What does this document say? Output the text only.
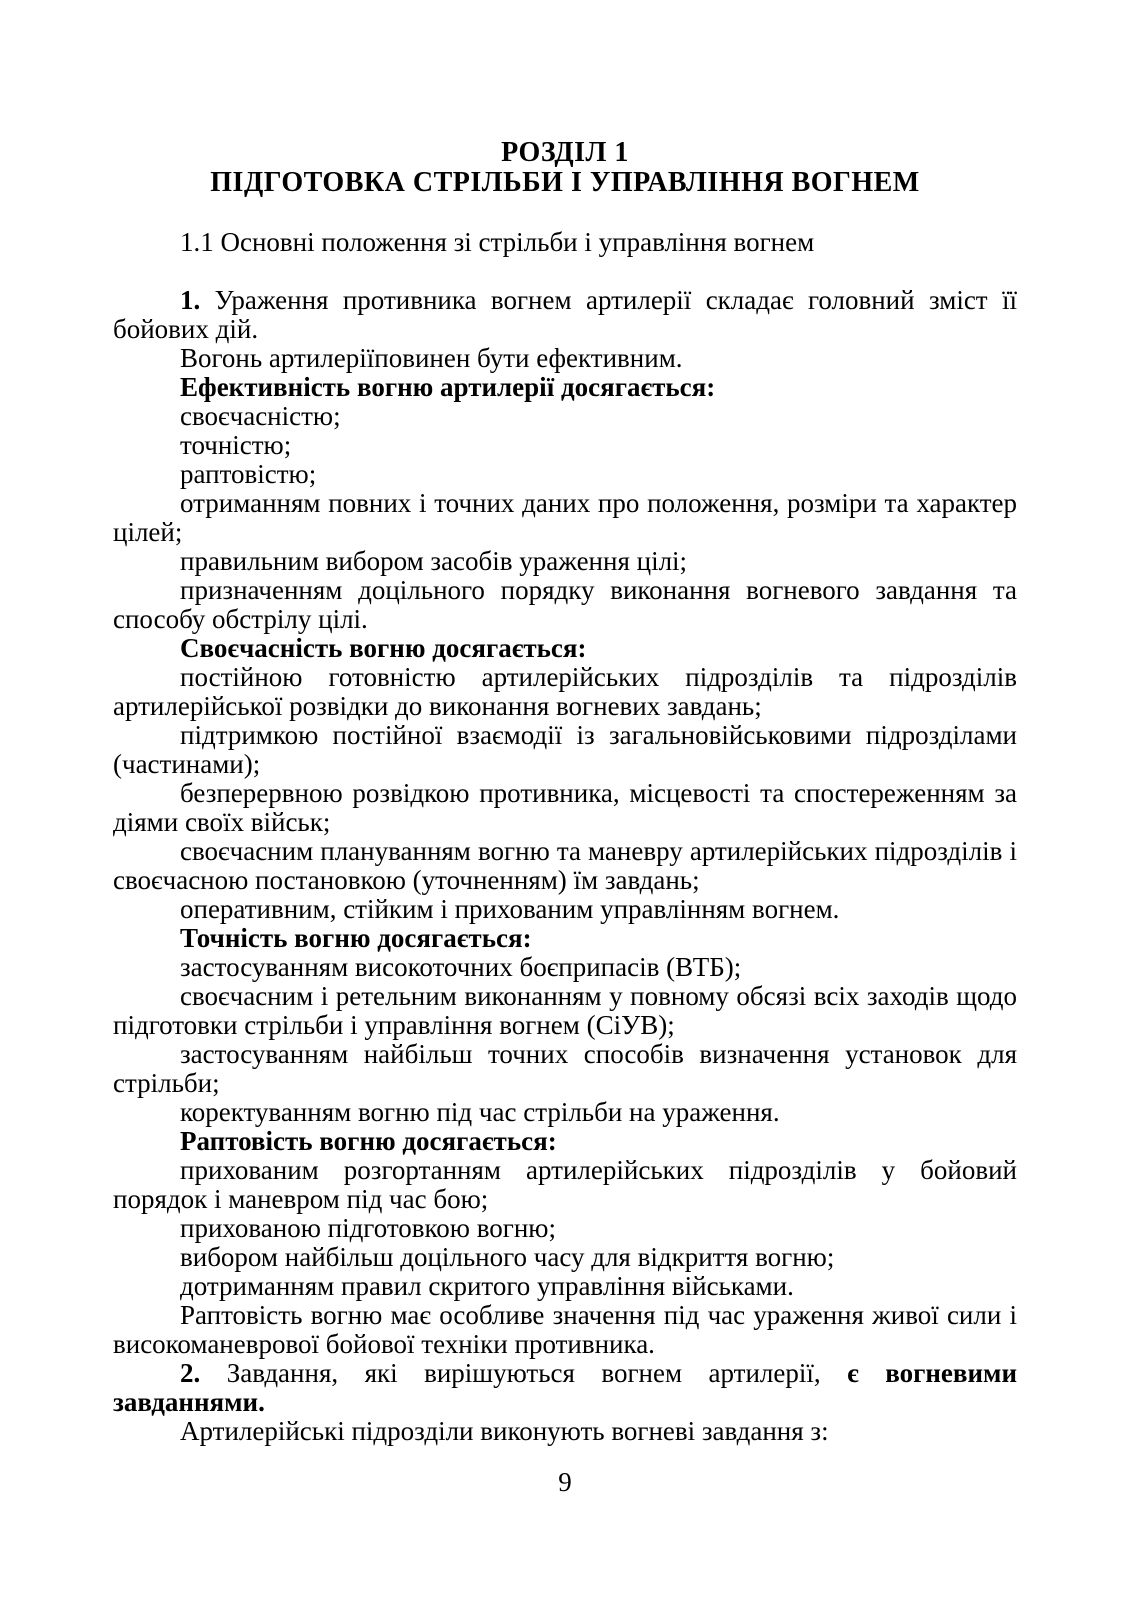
РОЗДІЛ 1
ПІДГОТОВКА СТРІЛЬБИ І УПРАВЛІННЯ ВОГНЕМ

1.1 Основні положення зі стрільби і управління вогнем

1. Ураження противника вогнем артилерії складає головний зміст її бойових дій.

Вогонь артилеріїповинен бути ефективним.

Ефективність вогню артилерії досягається:

своєчасністю;

точністю;

раптовістю;

отриманням повних і точних даних про положення, розміри та характер цілей;

правильним вибором засобів ураження цілі;

призначенням доцільного порядку виконання вогневого завдання та способу обстрілу цілі.

Своєчасність вогню досягається:

постійною готовністю артилерійських підрозділів та підрозділів артилерійської розвідки до виконання вогневих завдань;

підтримкою постійної взаємодії із загальновійськовими підрозділами (частинами);

безперервною розвідкою противника, місцевості та спостереженням за діями своїх військ;

своєчасним плануванням вогню та маневру артилерійських підрозділів і своєчасною постановкою (уточненням) їм завдань;

оперативним, стійким і прихованим управлінням вогнем.

Точність вогню досягається:

застосуванням високоточних боєприпасів (ВТБ);

своєчасним і ретельним виконанням у повному обсязі всіх заходів щодо підготовки стрільби і управління вогнем (СіУВ);

застосуванням найбільш точних способів визначення установок для стрільби;

коректуванням вогню під час стрільби на ураження.

Раптовість вогню досягається:

прихованим розгортанням артилерійських підрозділів у бойовий порядок і маневром під час бою;

прихованою підготовкою вогню;

вибором найбільш доцільного часу для відкриття вогню;

дотриманням правил скритого управління військами.

Раптовість вогню має особливе значення під час ураження живої сили і високоманеврової бойової техніки противника.

2. Завдання, які вирішуються вогнем артилерії, є вогневими завданнями.

Артилерійські підрозділи виконують вогневі завдання з:

9
